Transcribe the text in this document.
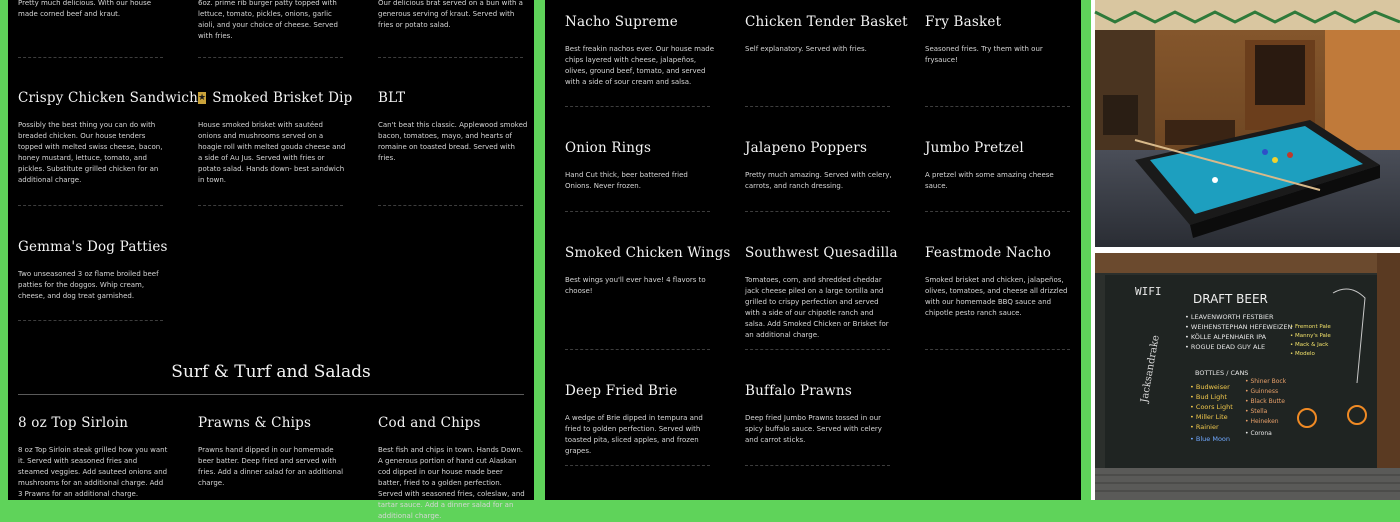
Pretty much delicious. With our house made corned beef and kraut.
6oz. prime rib burger patty topped with lettuce, tomato, pickles, onions, garlic aioli, and your choice of cheese. Served with fries.
Our delicious brat served on a bun with a generous serving of kraut. Served with fries or potato salad.
Crispy Chicken Sandwich
Possibly the best thing you can do with breaded chicken. Our house tenders topped with melted swiss cheese, bacon, honey mustard, lettuce, tomato, and pickles. Substitute grilled chicken for an additional charge.
★ Smoked Brisket Dip
House smoked brisket with sautéed onions and mushrooms served on a hoagie roll with melted gouda cheese and a side of Au Jus. Served with fries or potato salad. Hands down- best sandwich in town.
BLT
Can't beat this classic. Applewood smoked bacon, tomatoes, mayo, and hearts of romaine on toasted bread. Served with fries.
Gemma's Dog Patties
Two unseasoned 3 oz flame broiled beef patties for the doggos. Whip cream, cheese, and dog treat garnished.
Surf & Turf and Salads
8 oz Top Sirloin
8 oz Top Sirloin steak grilled how you want it. Served with seasoned fries and steamed veggies. Add sauteed onions and mushrooms for an additional charge. Add 3 Prawns for an additional charge.
Prawns & Chips
Prawns hand dipped in our homemade beer batter. Deep fried and served with fries. Add a dinner salad for an additional charge.
Cod and Chips
Best fish and chips in town. Hands Down. A generous portion of hand cut Alaskan cod dipped in our house made beer batter, fried to a golden perfection. Served with seasoned fries, coleslaw, and tartar sauce. Add a dinner salad for an additional charge.
Nacho Supreme
Best freakin nachos ever. Our house made chips layered with cheese, jalapeños, olives, ground beef, tomato, and served with a side of sour cream and salsa.
Chicken Tender Basket
Self explanatory. Served with fries.
Fry Basket
Seasoned fries. Try them with our frysauce!
Onion Rings
Hand Cut thick, beer battered fried Onions. Never frozen.
Jalapeno Poppers
Pretty much amazing. Served with celery, carrots, and ranch dressing.
Jumbo Pretzel
A pretzel with some amazing cheese sauce.
Smoked Chicken Wings
Best wings you'll ever have! 4 flavors to choose!
Southwest Quesadilla
Tomatoes, corn, and shredded cheddar jack cheese piled on a large tortilla and grilled to crispy perfection and served with a side of our chipotle ranch and salsa. Add Smoked Chicken or Brisket for an additional charge.
Feastmode Nacho
Smoked brisket and chicken, jalapeños, olives, tomatoes, and cheese all drizzled with our homemade BBQ sauce and chipotle pesto ranch sauce.
Deep Fried Brie
A wedge of Brie dipped in tempura and fried to golden perfection. Served with toasted pita, sliced apples, and frozen grapes.
Buffalo Prawns
Deep fried Jumbo Prawns tossed in our spicy buffalo sauce. Served with celery and carrot sticks.
WIFI
DRAFT BEER
Jacksandrake
• LEAVENWORTH FESTBIER
• WEIHENSTEPHAN HEFEWEIZEN
• KÖLLE ALPENHAIER IPA
• ROGUE DEAD GUY ALE
BOTTLES / CANS
• Budweiser
• Bud Light
• Coors Light
• Miller Lite
• Rainier
• Blue Moon
• Shiner Bock
• Guinness
• Black Butte
• Stella
• Heineken
• Corona
• Fremont Pale
• Manny's Pale
• Mack & Jack
• Modelo
